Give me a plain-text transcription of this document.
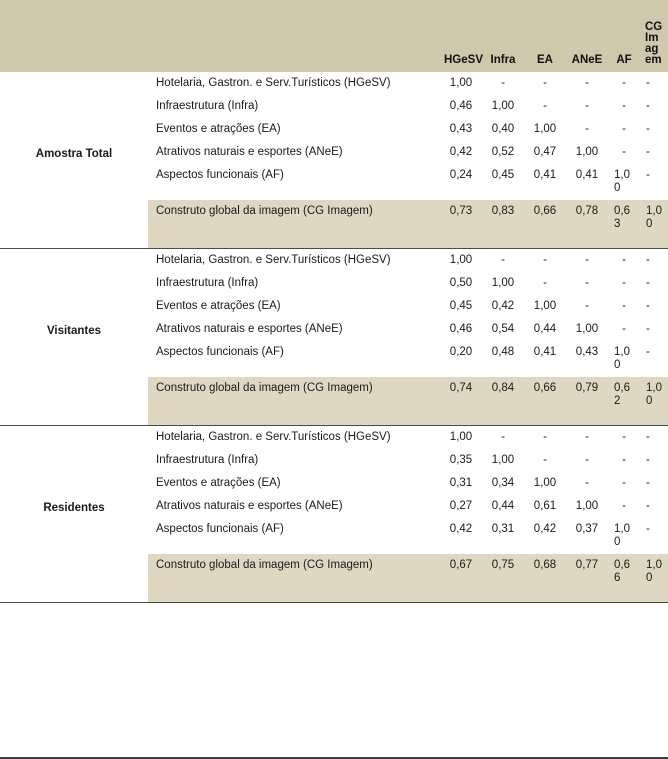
		HGeSV	Infra	EA	ANeE	AF	CG Imagem
Amostra Total	Hotelaria, Gastron. e Serv.Turísticos (HGeSV)	1,00	-	-	-	-	-
	Infraestrutura (Infra)	0,46	1,00	-	-	-	-
	Eventos e atrações (EA)	0,43	0,40	1,00	-	-	-
	Atrativos naturais e esportes (ANeE)	0,42	0,52	0,47	1,00	-	-
	Aspectos funcionais (AF)	0,24	0,45	0,41	0,41	1,00	-
	Construto global da imagem (CG Imagem)	0,73	0,83	0,66	0,78	0,63	1,00

Visitantes	Hotelaria, Gastron. e Serv.Turísticos (HGeSV)	1,00	-	-	-	-	-
	Infraestrutura (Infra)	0,50	1,00	-	-	-	-
	Eventos e atrações (EA)	0,45	0,42	1,00	-	-	-
	Atrativos naturais e esportes (ANeE)	0,46	0,54	0,44	1,00	-	-
	Aspectos funcionais (AF)	0,20	0,48	0,41	0,43	1,00	-
	Construto global da imagem (CG Imagem)	0,74	0,84	0,66	0,79	0,62	1,00

Residentes	Hotelaria, Gastron. e Serv.Turísticos (HGeSV)	1,00	-	-	-	-	-
	Infraestrutura (Infra)	0,35	1,00	-	-	-	-
	Eventos e atrações (EA)	0,31	0,34	1,00	-	-	-
	Atrativos naturais e esportes (ANeE)	0,27	0,44	0,61	1,00	-	-
	Aspectos funcionais (AF)	0,42	0,31	0,42	0,37	1,00	-
	Construto global da imagem (CG Imagem)	0,67	0,75	0,68	0,77	0,66	1,00
